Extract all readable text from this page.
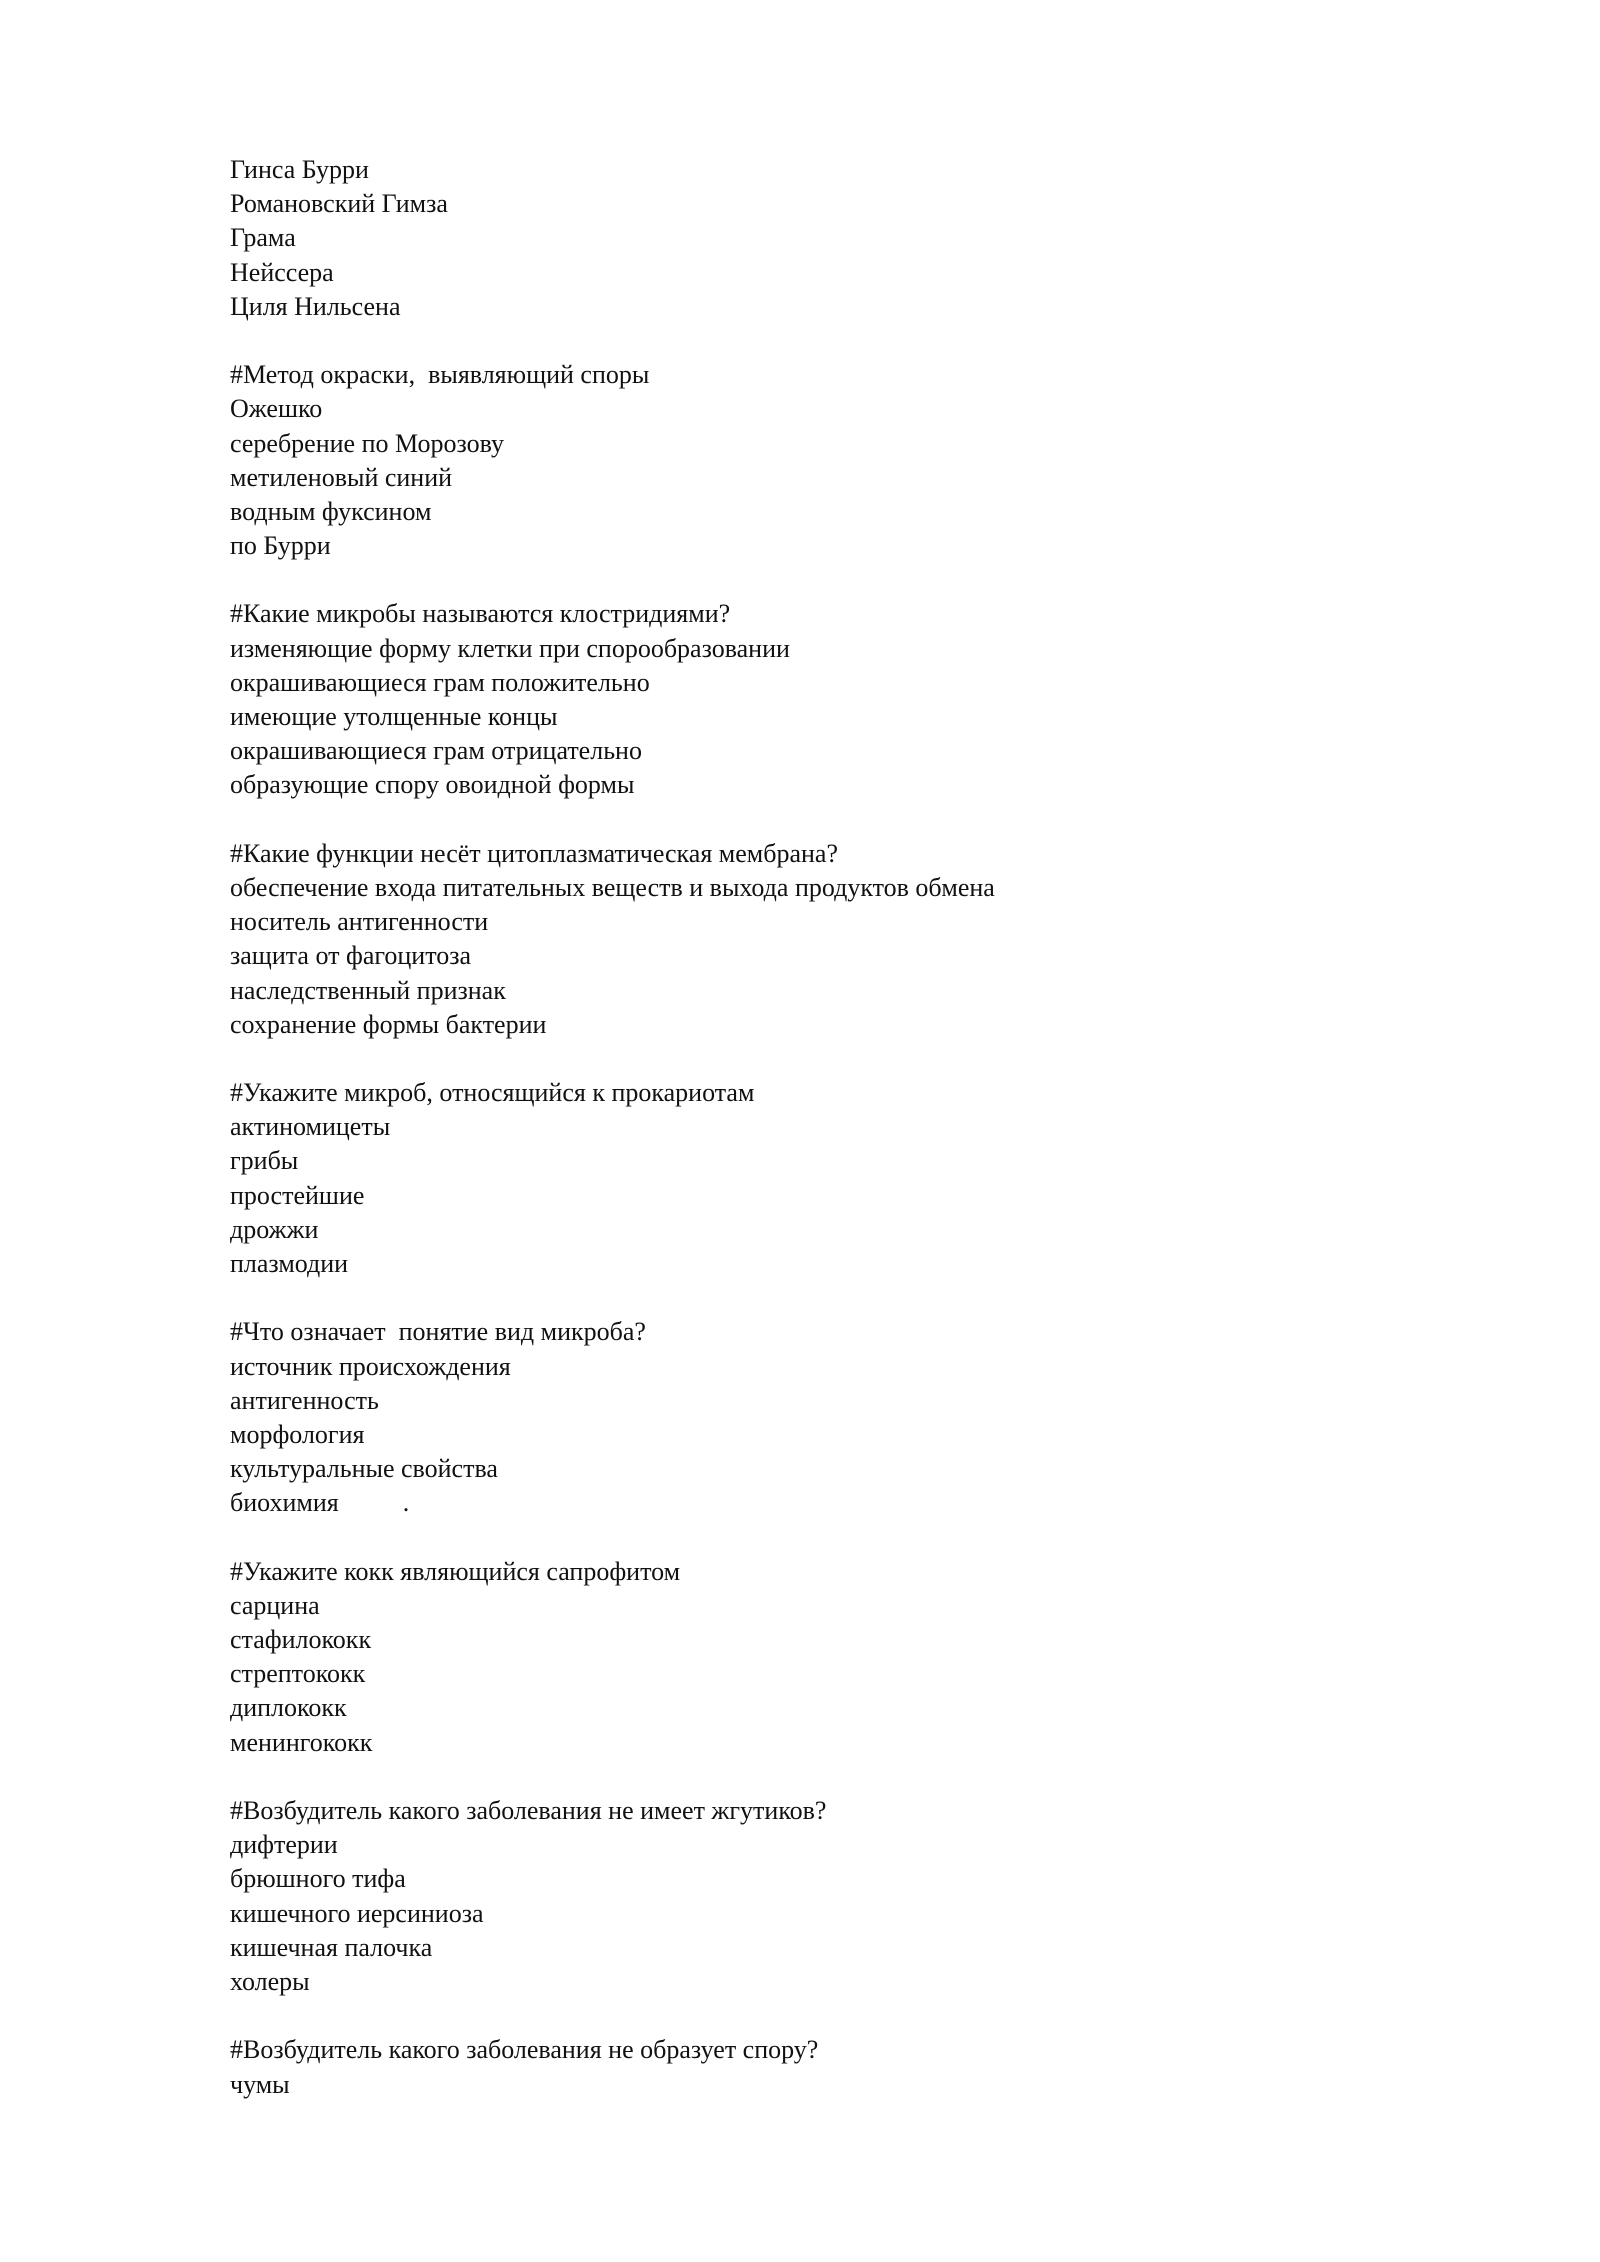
Гинса Бурри
Романовский Гимза
Грама
Нейссера
Циля Нильсена
#Метод окраски,  выявляющий споры
Ожешко
серебрение по Морозову
метиленовый синий
водным фуксином
по Бурри
#Какие микробы называются клостридиями?
изменяющие форму клетки при спорообразовании
окрашивающиеся грам положительно
имеющие утолщенные концы
окрашивающиеся грам отрицательно
образующие спору овоидной формы
#Какие функции несёт цитоплазматическая мембрана?
обеспечение входа питательных веществ и выхода продуктов обмена
носитель антигенности
защита от фагоцитоза
наследственный признак
сохранение формы бактерии
#Укажите микроб, относящийся к прокариотам
актиномицеты
грибы
простейшие
дрожжи
плазмодии
#Что означает  понятие вид микроба?
источник происхождения
антигенность
морфология
культуральные свойства
биохимия .
#Укажите кокк являющийся сапрофитом
сарцина
стафилококк
стрептококк
диплококк
менингококк
#Возбудитель какого заболевания не имеет жгутиков?
дифтерии
брюшного тифа
кишечного иерсиниоза
кишечная палочка
холеры
#Возбудитель какого заболевания не образует спору?
чумы
